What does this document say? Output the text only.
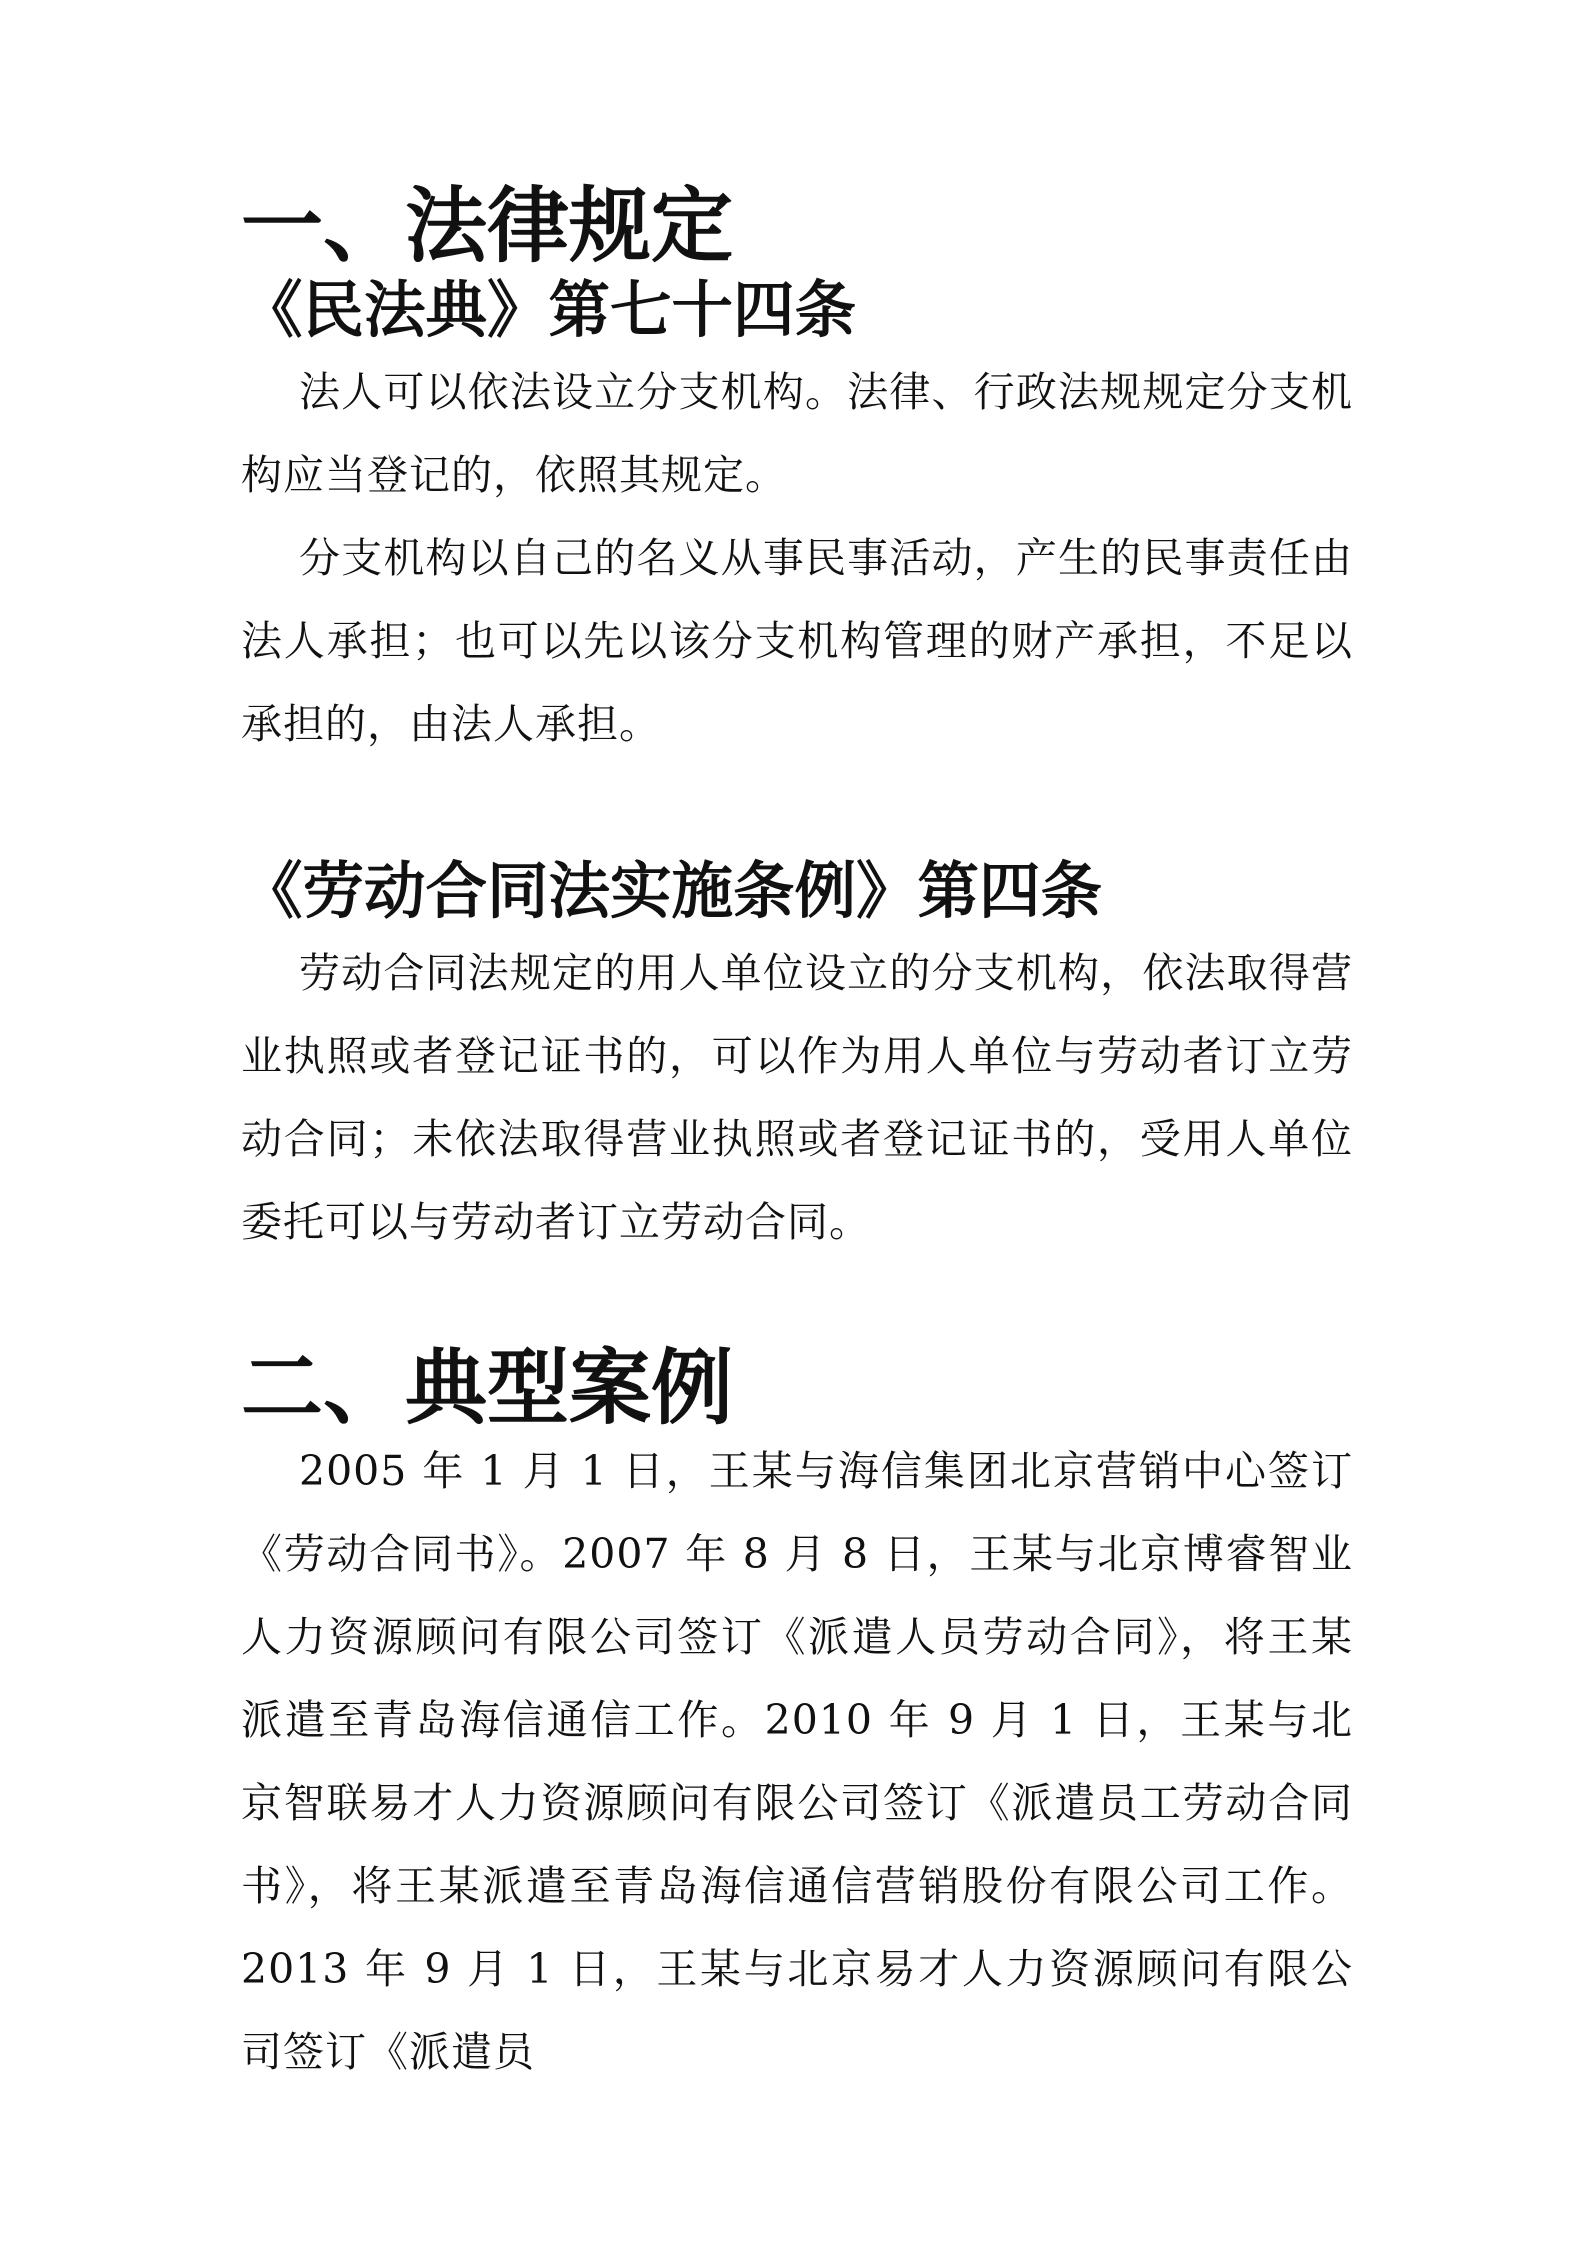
一、法律规定
《民法典》第七十四条

法人可以依法设立分支机构。法律、行政法规规定分支机构应当登记的，依照其规定。

分支机构以自己的名义从事民事活动，产生的民事责任由法人承担；也可以先以该分支机构管理的财产承担，不足以承担的，由法人承担。

《劳动合同法实施条例》第四条

劳动合同法规定的用人单位设立的分支机构，依法取得营业执照或者登记证书的，可以作为用人单位与劳动者订立劳动合同；未依法取得营业执照或者登记证书的，受用人单位委托可以与劳动者订立劳动合同。

二、典型案例

2005 年 1 月 1 日，王某与海信集团北京营销中心签订《劳动合同书》。2007 年 8 月 8 日，王某与北京博睿智业人力资源顾问有限公司签订《派遣人员劳动合同》，将王某派遣至青岛海信通信工作。2010 年 9 月 1 日，王某与北京智联易才人力资源顾问有限公司签订《派遣员工劳动合同书》，将王某派遣至青岛海信通信营销股份有限公司工作。2013 年 9 月 1 日，王某与北京易才人力资源顾问有限公司签订《派遣员
